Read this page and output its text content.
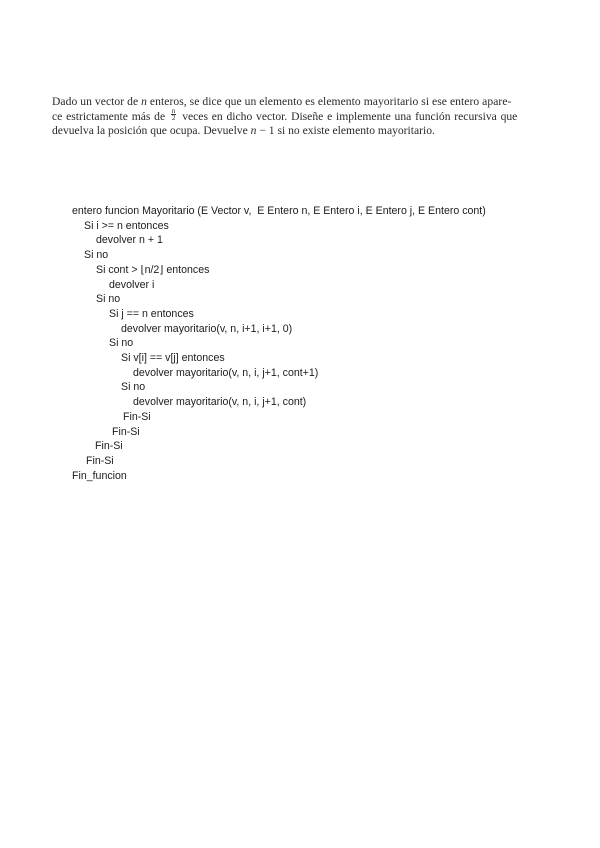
Dado un vector de n enteros, se dice que un elemento es elemento mayoritario si ese entero apare-
ce estrictamente más de $\frac{n}{2}$ veces en dicho vector. Diseñe e implemente una función recursiva que
devuelva la posición que ocupa. Devuelve n − 1 si no existe elemento mayoritario.
entero funcion Mayoritario (E Vector v,  E Entero n, E Entero i, E Entero j, E Entero cont)
Si i >= n entonces
devolver n + 1
Si no
Si cont > ⌊n/2⌋ entonces
devolver i
Si no
Si j == n entonces
devolver mayoritario(v, n, i+1, i+1, 0)
Si no
Si v[i] == v[j] entonces
devolver mayoritario(v, n, i, j+1, cont+1)
Si no
devolver mayoritario(v, n, i, j+1, cont)
Fin-Si
Fin-Si
Fin-Si
Fin-Si
Fin_funcion
